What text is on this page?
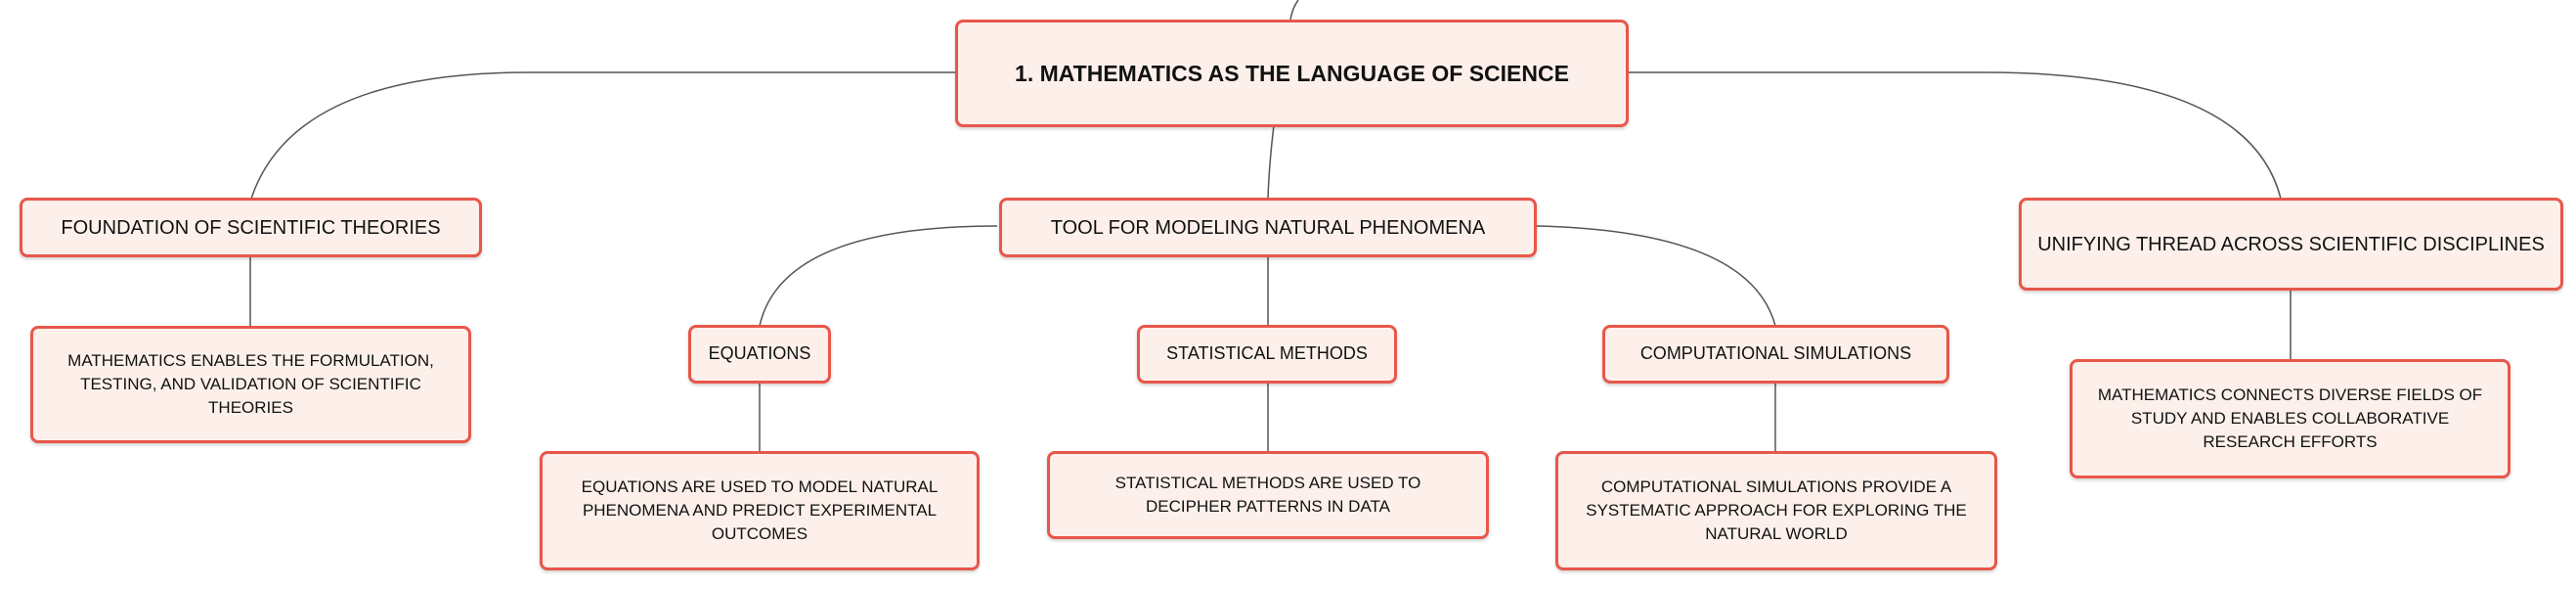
1. MATHEMATICS AS THE LANGUAGE OF SCIENCE
FOUNDATION OF SCIENTIFIC THEORIES
MATHEMATICS ENABLES THE FORMULATION, TESTING, AND VALIDATION OF SCIENTIFIC THEORIES
TOOL FOR MODELING NATURAL PHENOMENA
EQUATIONS
EQUATIONS ARE USED TO MODEL NATURAL PHENOMENA AND PREDICT EXPERIMENTAL OUTCOMES
STATISTICAL METHODS
STATISTICAL METHODS ARE USED TO DECIPHER PATTERNS IN DATA
COMPUTATIONAL SIMULATIONS
COMPUTATIONAL SIMULATIONS PROVIDE A SYSTEMATIC APPROACH FOR EXPLORING THE NATURAL WORLD
UNIFYING THREAD ACROSS SCIENTIFIC DISCIPLINES
MATHEMATICS CONNECTS DIVERSE FIELDS OF STUDY AND ENABLES COLLABORATIVE RESEARCH EFFORTS
